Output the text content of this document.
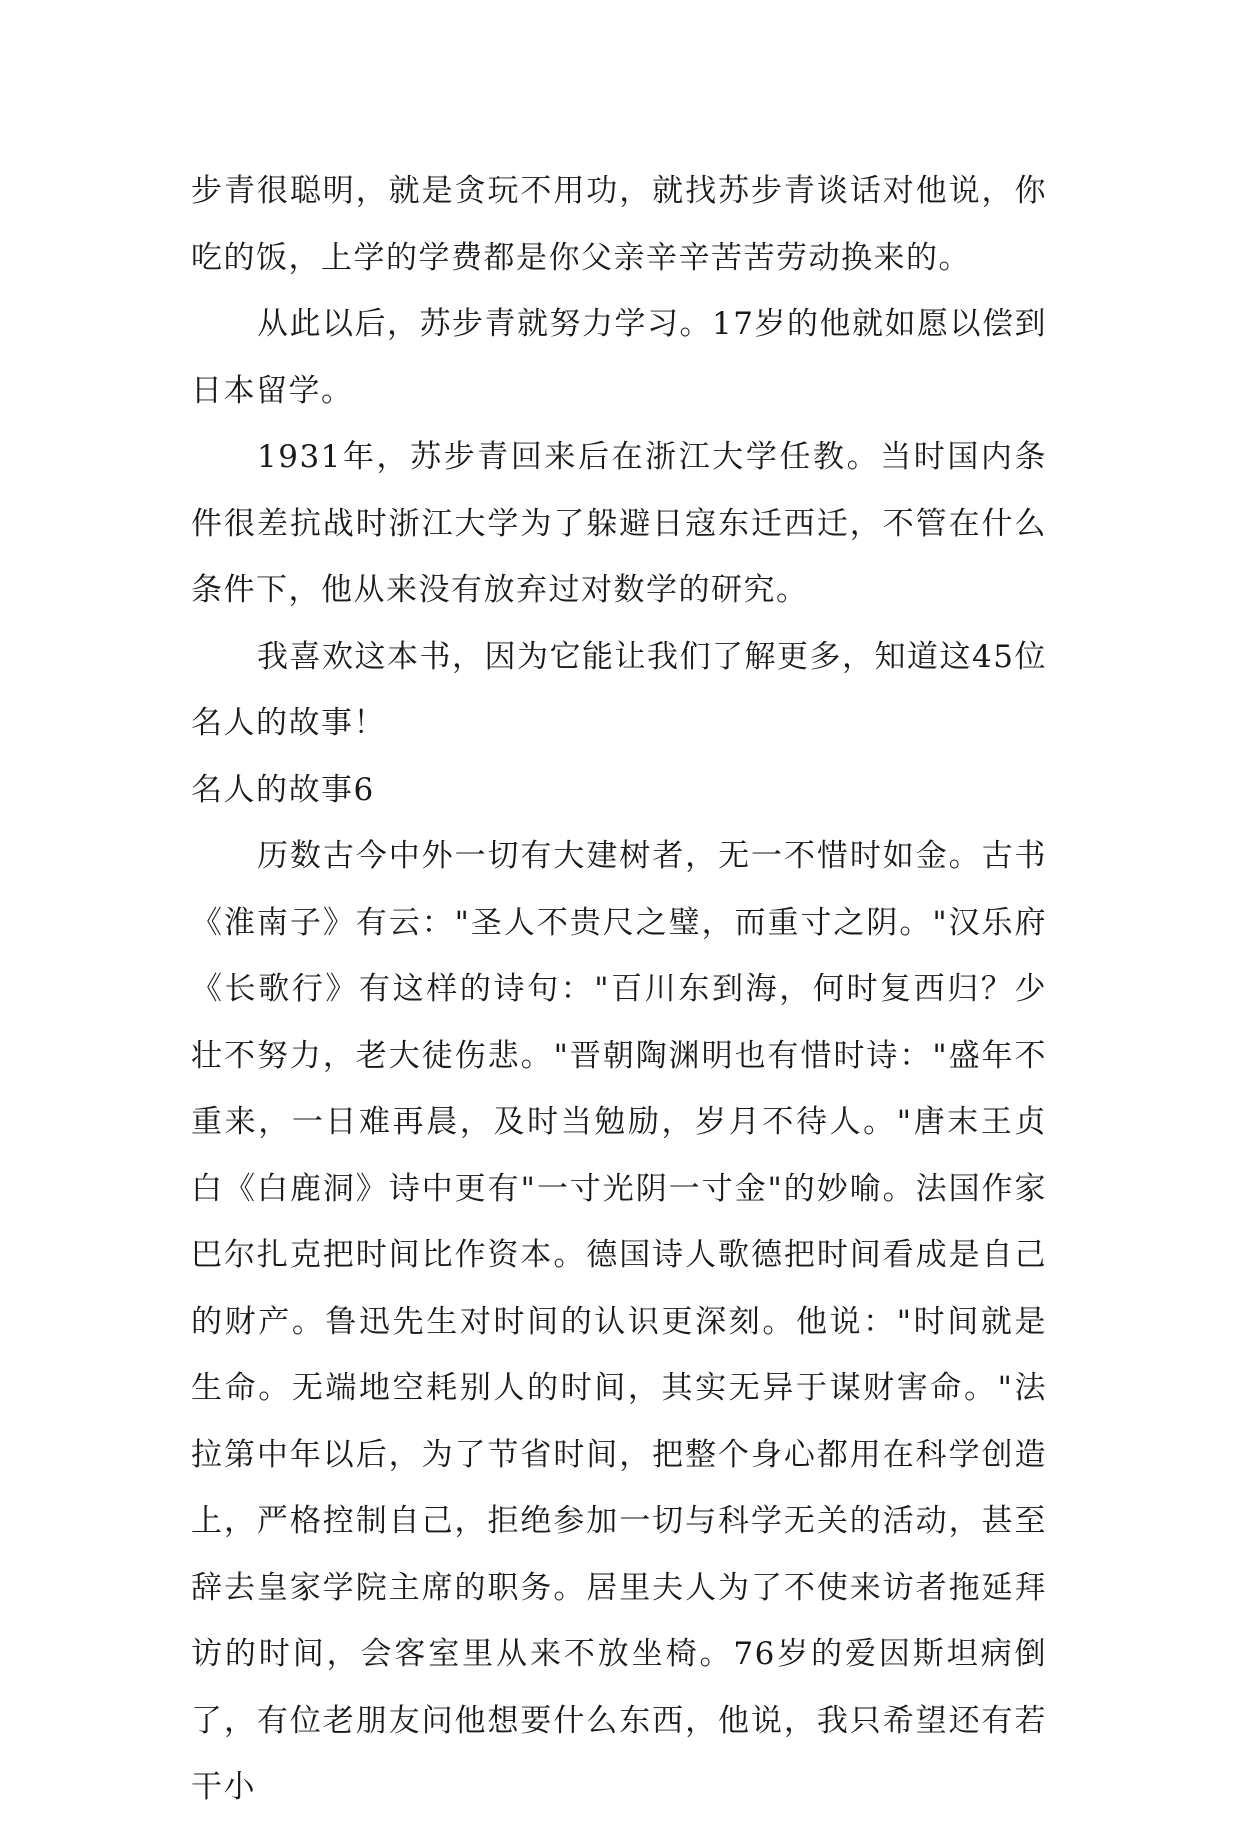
步青很聪明，就是贪玩不用功，就找苏步青谈话对他说，你吃的饭，上学的学费都是你父亲辛辛苦苦劳动换来的。

从此以后，苏步青就努力学习。17岁的他就如愿以偿到日本留学。

1931年，苏步青回来后在浙江大学任教。当时国内条件很差抗战时浙江大学为了躲避日寇东迁西迁，不管在什么条件下，他从来没有放弃过对数学的研究。

我喜欢这本书，因为它能让我们了解更多，知道这45位名人的故事！

名人的故事6

历数古今中外一切有大建树者，无一不惜时如金。古书《淮南子》有云："圣人不贵尺之璧，而重寸之阴。"汉乐府《长歌行》有这样的诗句："百川东到海，何时复西归？少壮不努力，老大徒伤悲。"晋朝陶渊明也有惜时诗："盛年不重来，一日难再晨，及时当勉励，岁月不待人。"唐末王贞白《白鹿洞》诗中更有"一寸光阴一寸金"的妙喻。法国作家巴尔扎克把时间比作资本。德国诗人歌德把时间看成是自己的财产。鲁迅先生对时间的认识更深刻。他说："时间就是生命。无端地空耗别人的时间，其实无异于谋财害命。"法拉第中年以后，为了节省时间，把整个身心都用在科学创造上，严格控制自己，拒绝参加一切与科学无关的活动，甚至辞去皇家学院主席的职务。居里夫人为了不使来访者拖延拜访的时间，会客室里从来不放坐椅。76岁的爱因斯坦病倒了，有位老朋友问他想要什么东西，他说，我只希望还有若干小
